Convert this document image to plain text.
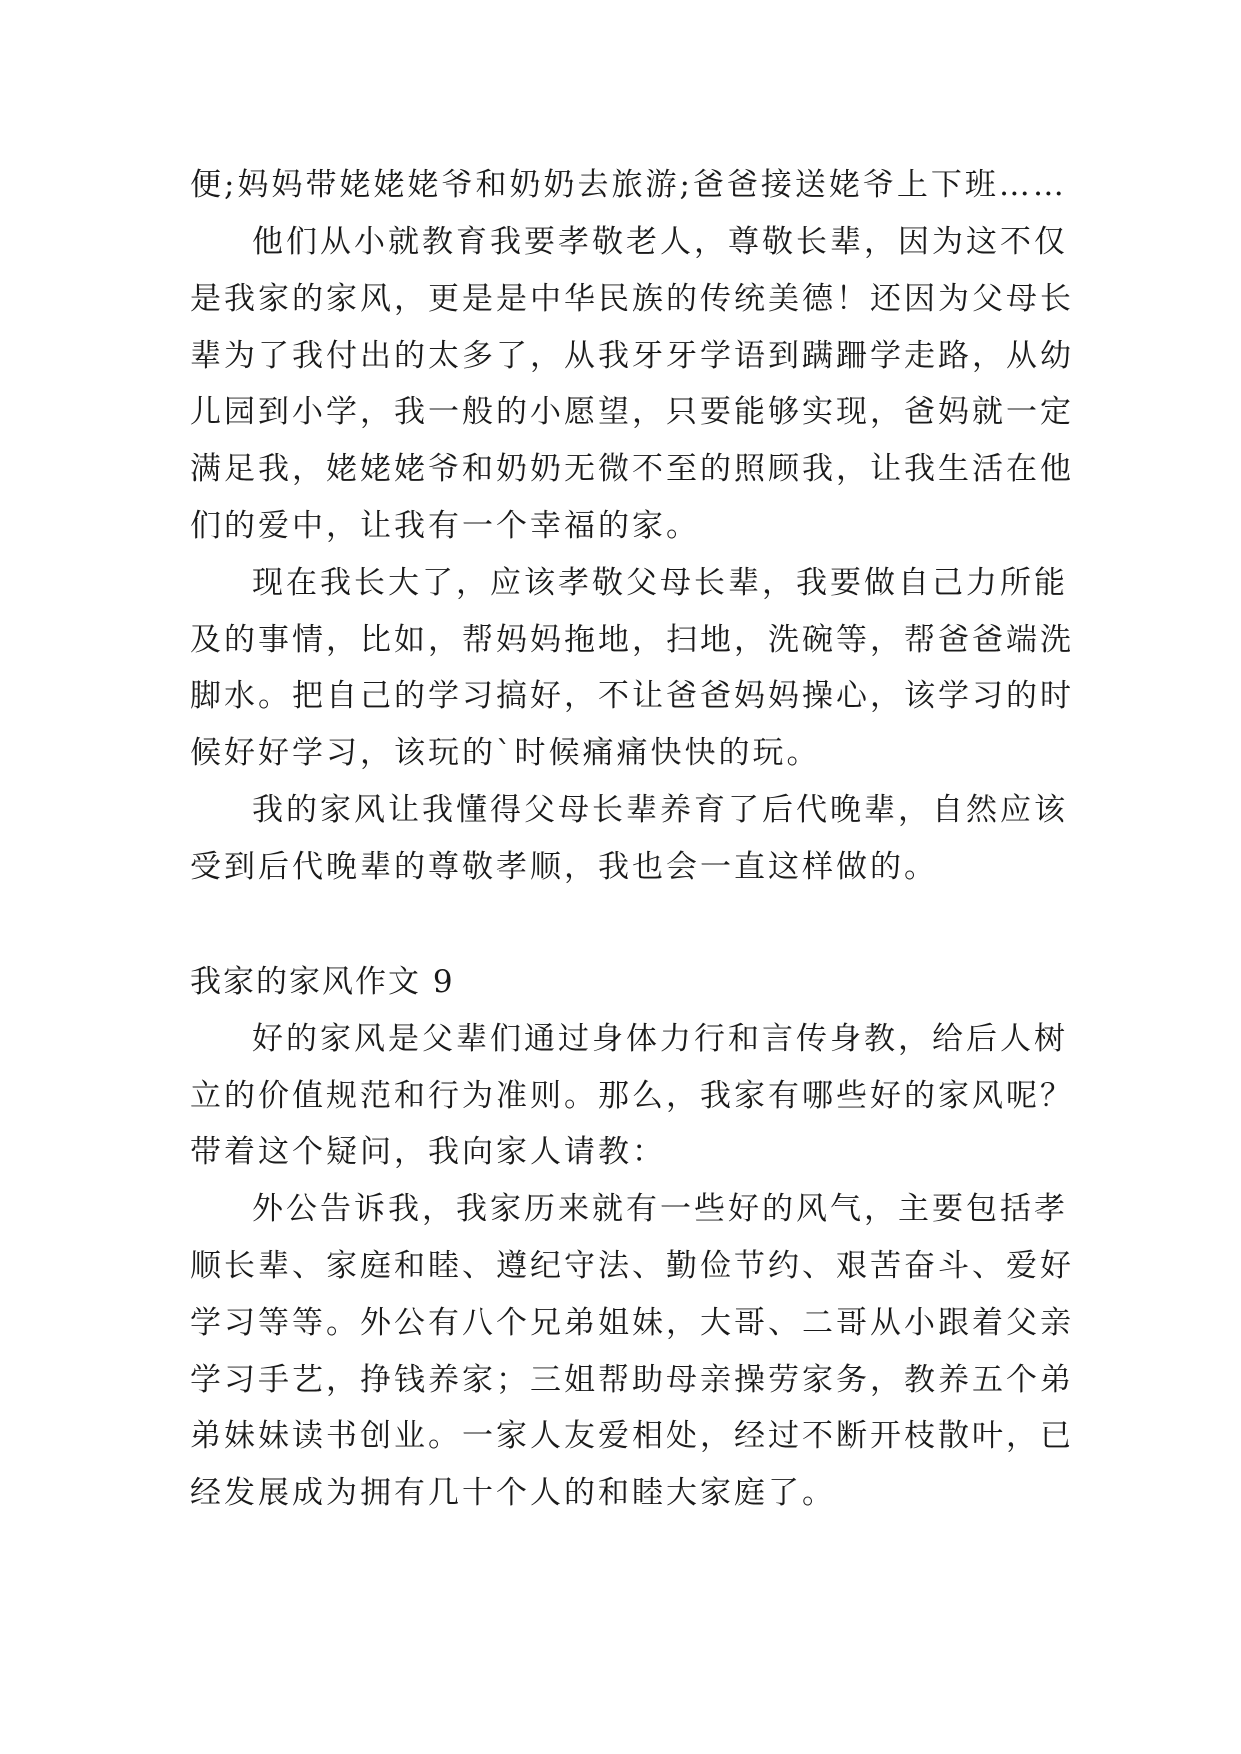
便;妈妈带姥姥姥爷和奶奶去旅游;爸爸接送姥爷上下班……
他们从小就教育我要孝敬老人，尊敬长辈，因为这不仅
是我家的家风，更是是中华民族的传统美德！还因为父母长
辈为了我付出的太多了，从我牙牙学语到蹒跚学走路，从幼
儿园到小学，我一般的小愿望，只要能够实现，爸妈就一定
满足我，姥姥姥爷和奶奶无微不至的照顾我，让我生活在他
们的爱中，让我有一个幸福的家。
现在我长大了，应该孝敬父母长辈，我要做自己力所能
及的事情，比如，帮妈妈拖地，扫地，洗碗等，帮爸爸端洗
脚水。把自己的学习搞好，不让爸爸妈妈操心，该学习的时
候好好学习，该玩的`时候痛痛快快的玩。
我的家风让我懂得父母长辈养育了后代晚辈，自然应该
受到后代晚辈的尊敬孝顺，我也会一直这样做的。
我家的家风作文 9
好的家风是父辈们通过身体力行和言传身教，给后人树
立的价值规范和行为准则。那么，我家有哪些好的家风呢？
带着这个疑问，我向家人请教：
外公告诉我，我家历来就有一些好的风气，主要包括孝
顺长辈、家庭和睦、遵纪守法、勤俭节约、艰苦奋斗、爱好
学习等等。外公有八个兄弟姐妹，大哥、二哥从小跟着父亲
学习手艺，挣钱养家；三姐帮助母亲操劳家务，教养五个弟
弟妹妹读书创业。一家人友爱相处，经过不断开枝散叶，已
经发展成为拥有几十个人的和睦大家庭了。
